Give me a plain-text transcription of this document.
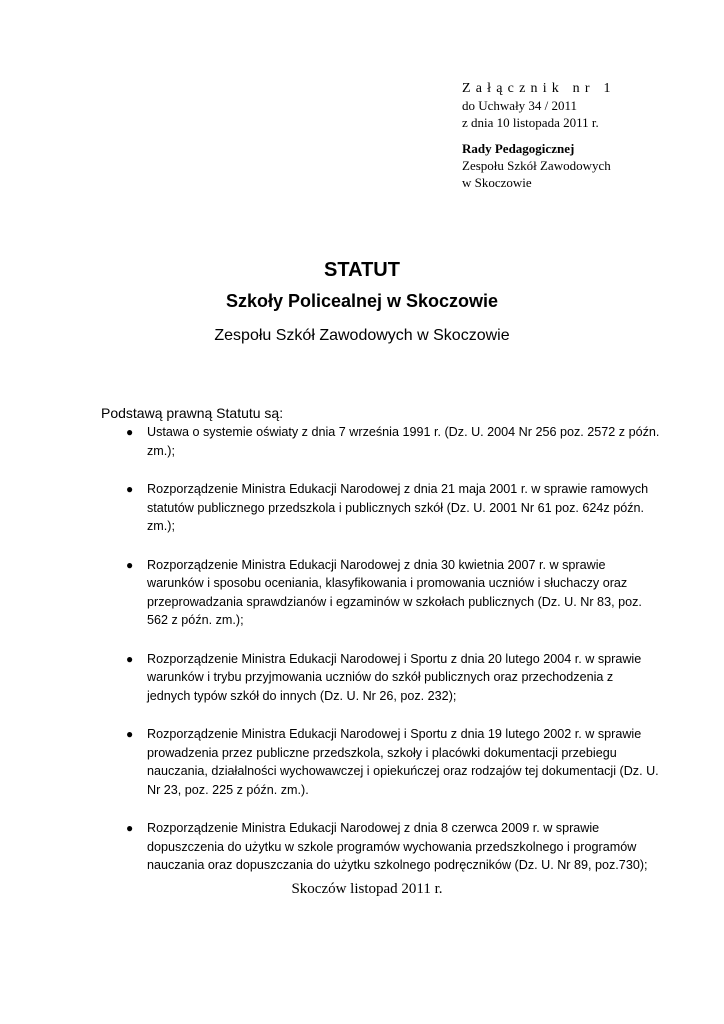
Załącznik nr 1
do Uchwały 34 / 2011
z dnia 10 listopada 2011 r.
Rady Pedagogicznej
Zespołu Szkół Zawodowych
w Skoczowie
STATUT
Szkoły Policealnej w Skoczowie
Zespołu Szkół Zawodowych w Skoczowie
Podstawą prawną Statutu są:
● Ustawa o systemie oświaty z dnia 7 września 1991 r. (Dz. U. 2004 Nr 256 poz. 2572 z późn. zm.);
● Rozporządzenie Ministra Edukacji Narodowej z dnia 21 maja 2001 r. w sprawie ramowych statutów publicznego przedszkola i publicznych szkół (Dz. U. 2001 Nr 61 poz. 624z późn. zm.);
● Rozporządzenie Ministra Edukacji Narodowej z dnia 30 kwietnia 2007 r. w sprawie warunków i sposobu oceniania, klasyfikowania i promowania uczniów i słuchaczy oraz przeprowadzania sprawdzianów i egzaminów w szkołach publicznych (Dz. U. Nr 83, poz. 562 z późn. zm.);
● Rozporządzenie Ministra Edukacji Narodowej i Sportu z dnia 20 lutego 2004 r. w sprawie warunków i trybu przyjmowania uczniów do szkół publicznych oraz przechodzenia z jednych typów szkół do innych (Dz. U. Nr 26, poz. 232);
● Rozporządzenie Ministra Edukacji Narodowej i Sportu z dnia 19 lutego 2002 r. w sprawie prowadzenia przez publiczne przedszkola, szkoły i placówki dokumentacji przebiegu nauczania, działalności wychowawczej i opiekuńczej oraz rodzajów tej dokumentacji (Dz. U. Nr 23, poz. 225 z późn. zm.).
● Rozporządzenie Ministra Edukacji Narodowej z dnia 8 czerwca 2009 r. w sprawie dopuszczenia do użytku w szkole programów wychowania przedszkolnego i programów nauczania oraz dopuszczania do użytku szkolnego podręczników (Dz. U. Nr 89, poz.730);
Skoczów listopad 2011 r.
